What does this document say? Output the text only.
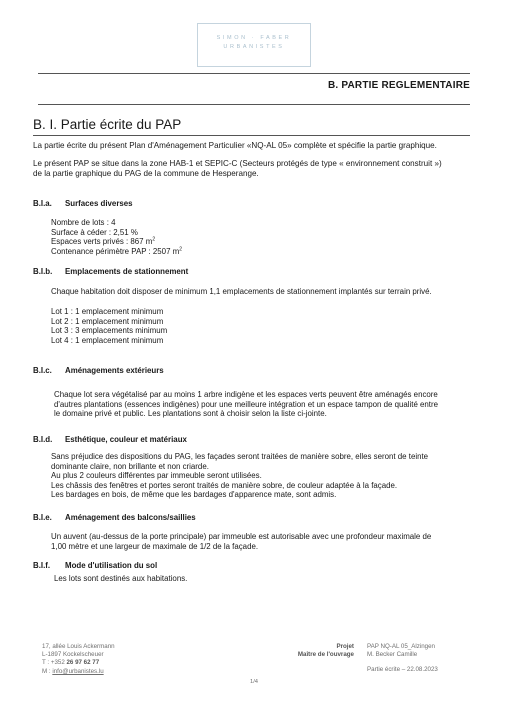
SIMON · FABER
URBANISTES
B. PARTIE REGLEMENTAIRE
B. I. Partie écrite du PAP
La partie écrite du présent Plan d'Aménagement Particulier «NQ-AL 05» complète et spécifie la partie graphique.
Le présent PAP se situe dans la zone HAB-1 et SEPIC-C (Secteurs protégés de type « environnement construit »)
de la partie graphique du PAG de la commune de Hesperange.
B.I.a. Surfaces diverses
Nombre de lots : 4
Surface à céder : 2,51 %
Espaces verts privés : 867 $m^2$
Contenance périmètre PAP : 2507 $m^2$
B.I.b. Emplacements de stationnement
Chaque habitation doit disposer de minimum 1,1 emplacements de stationnement implantés sur terrain privé.
Lot 1 : 1 emplacement minimum
Lot 2 : 1 emplacement minimum
Lot 3 : 3 emplacements minimum
Lot 4 : 1 emplacement minimum
B.I.c. Aménagements extérieurs
Chaque lot sera végétalisé par au moins 1 arbre indigène et les espaces verts peuvent être aménagés encore
d'autres plantations (essences indigènes) pour une meilleure intégration et un espace tampon de qualité entre
le domaine privé et public. Les plantations sont à choisir selon la liste ci-jointe.
B.I.d. Esthétique, couleur et matériaux
Sans préjudice des dispositions du PAG, les façades seront traitées de manière sobre, elles seront de teinte
dominante claire, non brillante et non criarde.
Au plus 2 couleurs différentes par immeuble seront utilisées.
Les châssis des fenêtres et portes seront traités de manière sobre, de couleur adaptée à la façade.
Les bardages en bois, de même que les bardages d'apparence mate, sont admis.
B.I.e. Aménagement des balcons/saillies
Un auvent (au-dessus de la porte principale) par immeuble est autorisable avec une profondeur maximale de
1,00 mètre et une largeur de maximale de 1/2 de la façade.
B.I.f. Mode d'utilisation du sol
Les lots sont destinés aux habitations.
17, allée Louis Ackermann
L-1897 Kockelscheuer
T : +352 26 97 62 77
M : info@urbanistes.lu
Projet
Maître de l'ouvrage
PAP NQ-AL 05_Alzingen
M. Becker Camille
Partie écrite – 22.08.2023
1/4
